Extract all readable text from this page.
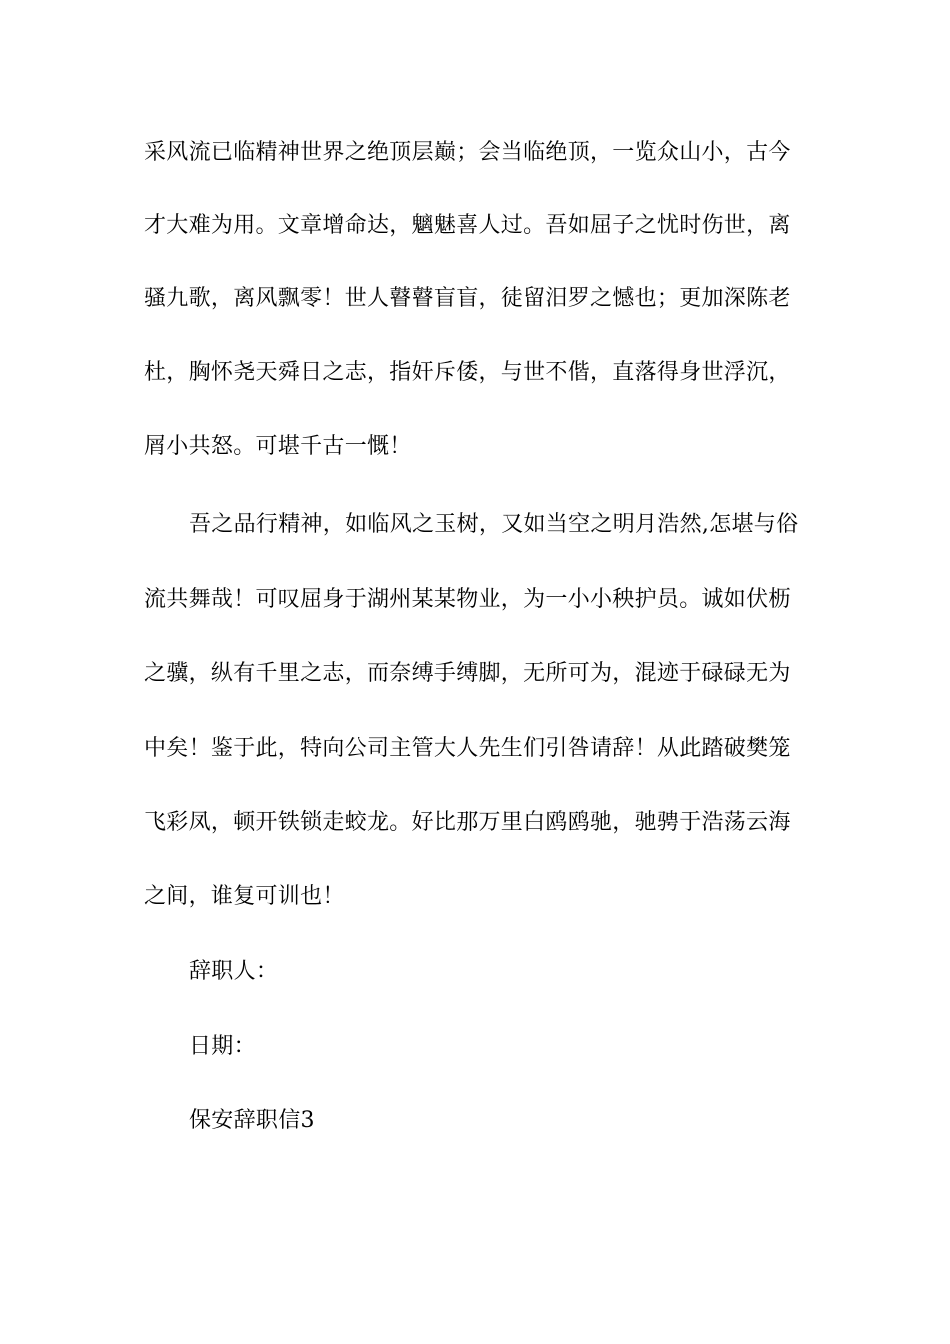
采风流已临精神世界之绝顶层巅；会当临绝顶，一览众山小，古今
才大难为用。文章增命达，魑魅喜人过。吾如屈子之忧时伤世，离
骚九歌，离风飘零！世人瞽瞽盲盲，徒留汨罗之憾也；更加深陈老
杜，胸怀尧天舜日之志，指奸斥倭，与世不偕，直落得身世浮沉，
屑小共怒。可堪千古一慨！
吾之品行精神，如临风之玉树，又如当空之明月浩然,怎堪与俗
流共舞哉！可叹屈身于湖州某某物业，为一小小秧护员。诚如伏枥
之骥，纵有千里之志，而奈缚手缚脚，无所可为，混迹于碌碌无为
中矣！鉴于此，特向公司主管大人先生们引咎请辞！从此踏破樊笼
飞彩凤，顿开铁锁走蛟龙。好比那万里白鸥鸥驰，驰骋于浩荡云海
之间，谁复可训也！
辞职人：
日期：
保安辞职信3
